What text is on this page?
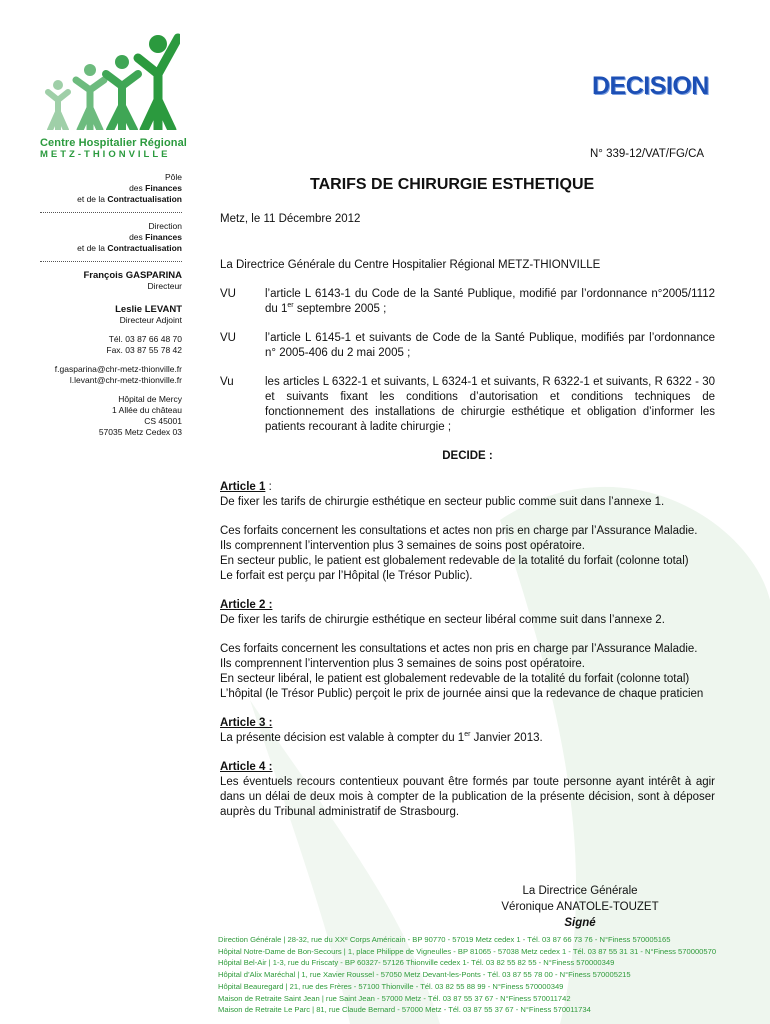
Centre Hospitalier Régional
METZ-THIONVILLE
DECISION
N° 339-12/VAT/FG/CA
Pôle
des Finances
et de la Contractualisation
Direction
des Finances
et de la Contractualisation
François GASPARINA
Directeur
Leslie LEVANT
Directeur Adjoint
Tél. 03 87 66 48 70
Fax. 03 87 55 78 42
f.gasparina@chr-metz-thionville.fr
l.levant@chr-metz-thionville.fr
Hôpital de Mercy
1 Allée du château
CS 45001
57035 Metz Cedex 03
TARIFS DE CHIRURGIE ESTHETIQUE
Metz, le 11 Décembre 2012
La Directrice Générale du Centre Hospitalier Régional METZ-THIONVILLE
VU	l’article L 6143-1 du Code de la Santé Publique, modifié par l’ordonnance n°2005/1112 du 1er septembre 2005 ;
VU	l’article L 6145-1 et suivants de Code de la Santé Publique, modifiés par l’ordonnance n° 2005-406 du 2 mai 2005 ;
Vu	les articles L 6322-1 et suivants, L 6324-1 et suivants, R 6322-1 et suivants, R 6322 - 30 et suivants fixant les conditions d’autorisation et conditions techniques de fonctionnement des installations de chirurgie esthétique et obligation d’informer les patients recourant à ladite chirurgie ;
DECIDE :
Article 1 :
De fixer les tarifs de chirurgie esthétique en secteur public comme suit dans l’annexe 1.
Ces forfaits concernent les consultations et actes non pris en charge par l’Assurance Maladie.
Ils comprennent l’intervention plus 3 semaines de soins post opératoire.
En secteur public, le patient est globalement redevable de la totalité du forfait (colonne total)
Le forfait est perçu par l’Hôpital (le Trésor Public).
Article 2 :
De fixer les tarifs de chirurgie esthétique en secteur libéral comme suit dans l’annexe 2.
Ces forfaits concernent les consultations et actes non pris en charge par l’Assurance Maladie.
Ils comprennent l’intervention plus 3 semaines de soins post opératoire.
En secteur libéral, le patient est globalement redevable de la totalité du forfait (colonne total)
L’hôpital (le Trésor Public) perçoit le prix de journée ainsi que la redevance de chaque praticien
Article 3 :
La présente décision est valable à compter du 1er Janvier 2013.
Article 4 :
Les éventuels recours contentieux pouvant être formés par toute personne ayant intérêt à agir dans un délai de deux mois à compter de la publication de la présente décision, sont à déposer auprès du Tribunal administratif de Strasbourg.
La Directrice Générale
Véronique ANATOLE-TOUZET
Signé
Direction Générale | 28-32, rue du XXᵉ Corps Américain - BP 90770 - 57019 Metz cedex 1 - Tél. 03 87 66 73 76 - N°Finess 570005165
Hôpital Notre-Dame de Bon-Secours | 1, place Philippe de Vigneulles - BP 81065 - 57038 Metz cedex 1 - Tél. 03 87 55 31 31 - N°Finess 570000570
Hôpital Bel-Air | 1-3, rue du Friscaty - BP 60327- 57126 Thionville cedex 1- Tél. 03 82 55 82 55 - N°Finess 570000349
Hôpital d’Alix Maréchal | 1, rue Xavier Roussel - 57050 Metz Devant-les-Ponts - Tél. 03 87 55 78 00 - N°Finess 570005215
Hôpital Beauregard | 21, rue des Frères - 57100 Thionville - Tél. 03 82 55 88 99 - N°Finess 570000349
Maison de Retraite Saint Jean | rue Saint Jean - 57000 Metz - Tél. 03 87 55 37 67 - N°Finess 570011742
Maison de Retraite Le Parc | 81, rue Claude Bernard - 57000 Metz - Tél. 03 87 55 37 67 - N°Finess 570011734
